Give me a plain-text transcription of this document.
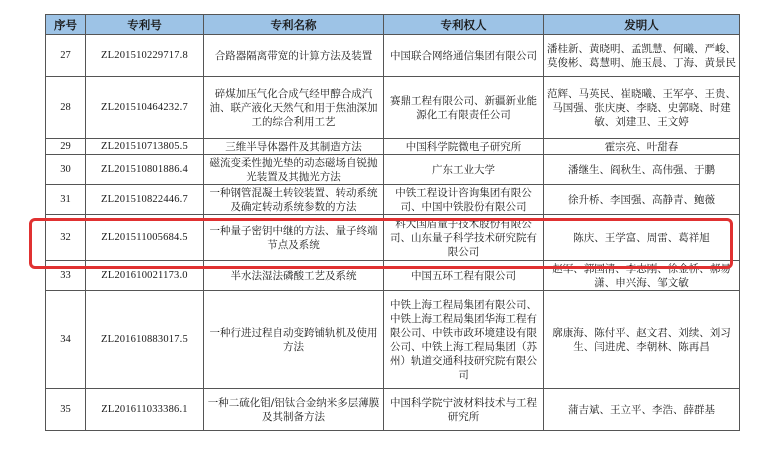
序号	专利号	专利名称	专利权人	发明人
27	ZL201510229717.8	合路器隔离带宽的计算方法及装置	中国联合网络通信集团有限公司	潘桂新、黄晓明、孟凯慧、何曦、严峻、莫俊彬、葛慧明、施玉晨、丁海、黄景民
28	ZL201510464232.7	碎煤加压气化合成气经甲醇合成汽油、联产液化天然气和用于焦油深加工的综合利用工艺	赛鼎工程有限公司、新疆新业能源化工有限责任公司	范辉、马英民、崔晓曦、王军亭、王贵、马国强、张庆庚、李晓、史郭晓、时建敏、刘建卫、王文婷
29	ZL201510713805.5	三维半导体器件及其制造方法	中国科学院微电子研究所	霍宗亮、叶甜春
30	ZL201510801886.4	磁流变柔性抛光垫的动态磁场自锐抛光装置及其抛光方法	广东工业大学	潘继生、阎秋生、高伟强、于鹏
31	ZL201510822446.7	一种钢管混凝土转铰装置、转动系统及确定转动系统参数的方法	中铁工程设计咨询集团有限公司、中国中铁股份有限公司	徐升桥、李国强、高静青、鲍薇
32	ZL201511005684.5	一种量子密钥中继的方法、量子终端节点及系统	科大国盾量子技术股份有限公司、山东量子科学技术研究院有限公司	陈庆、王学富、周雷、葛祥旭
33	ZL201610021173.0	半水法湿法磷酸工艺及系统	中国五环工程有限公司	赵军、郭国清、李志刚、徐金桥、郝易潇、申兴海、邹文敏
34	ZL201610883017.5	一种行进过程自动变跨铺轨机及使用方法	中铁上海工程局集团有限公司、中铁上海工程局集团华海工程有限公司、中铁市政环境建设有限公司、中铁上海工程局集团（苏州）轨道交通科技研究院有限公司	廓康海、陈付平、赵文君、刘续、刘习生、闫进虎、李朝林、陈再昌
35	ZL201611033386.1	一种二硫化钼/铝钛合金纳米多层薄膜及其制备方法	中国科学院宁波材料技术与工程研究所	蒲吉斌、王立平、李浩、薛群基
